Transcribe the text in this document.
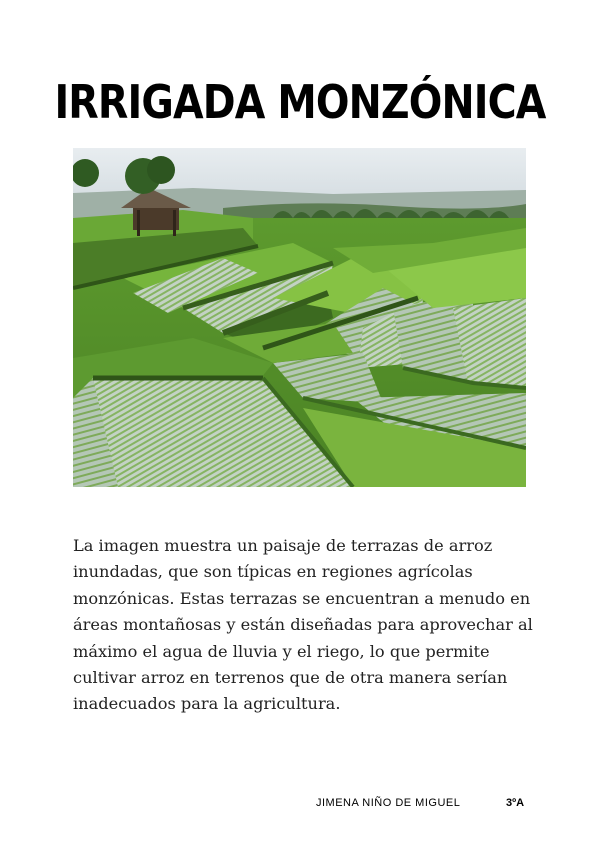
IRRIGADA MONZÓNICA

La imagen muestra un paisaje de terrazas de arroz inundadas, que son típicas en regiones agrícolas monzónicas. Estas terrazas se encuentran a menudo en áreas montañosas y están diseñadas para aprovechar al máximo el agua de lluvia y el riego, lo que permite cultivar arroz en terrenos que de otra manera serían inadecuados para la agricultura.

JIMENA NIÑO DE MIGUEL	3ºA
